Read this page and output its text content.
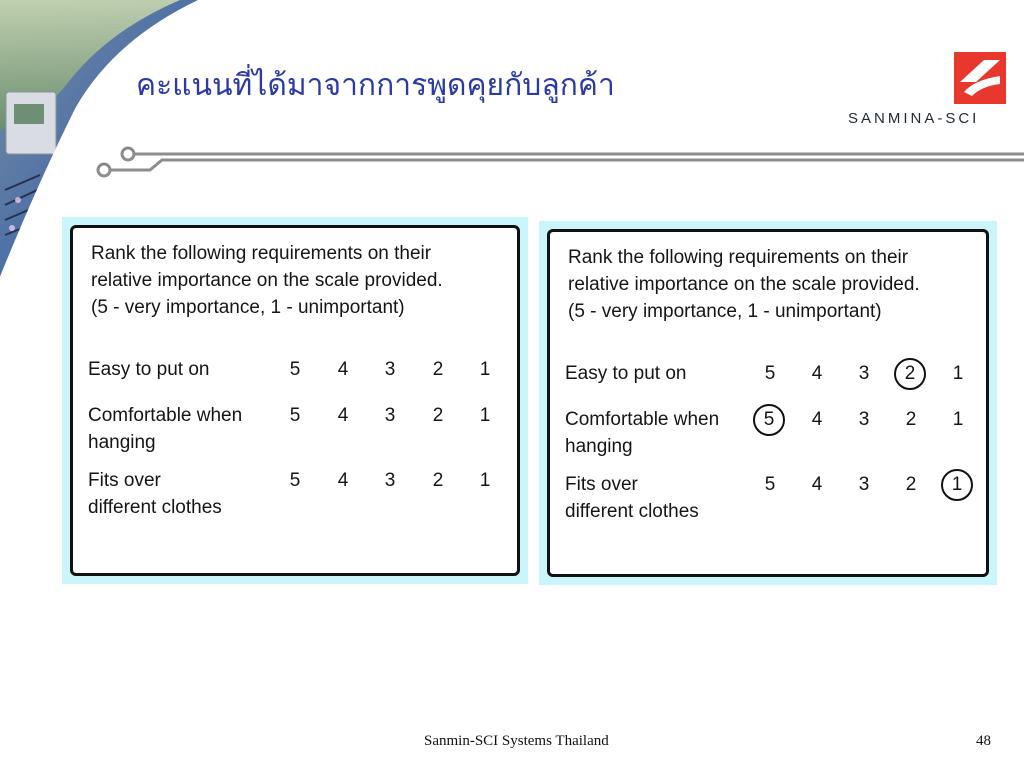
คะแนนที่ได้มาจากการพูดคุยกับลูกค้า
SANMINA-SCI
Rank the following requirements on their
relative importance on the scale provided.
(5 - very importance, 1 - unimportant)
Easy to put on	5	4	3	2	1
Comfortable when
hanging
5	4	3	2	1
Fits over
different clothes
5	4	3	2	1
Rank the following requirements on their
relative importance on the scale provided.
(5 - very importance, 1 - unimportant)
Easy to put on	5	4	3	2	1
Comfortable when
hanging
5	4	3	2	1
Fits over
different clothes
5	4	3	2	1
Sanmin-SCI Systems Thailand	48
